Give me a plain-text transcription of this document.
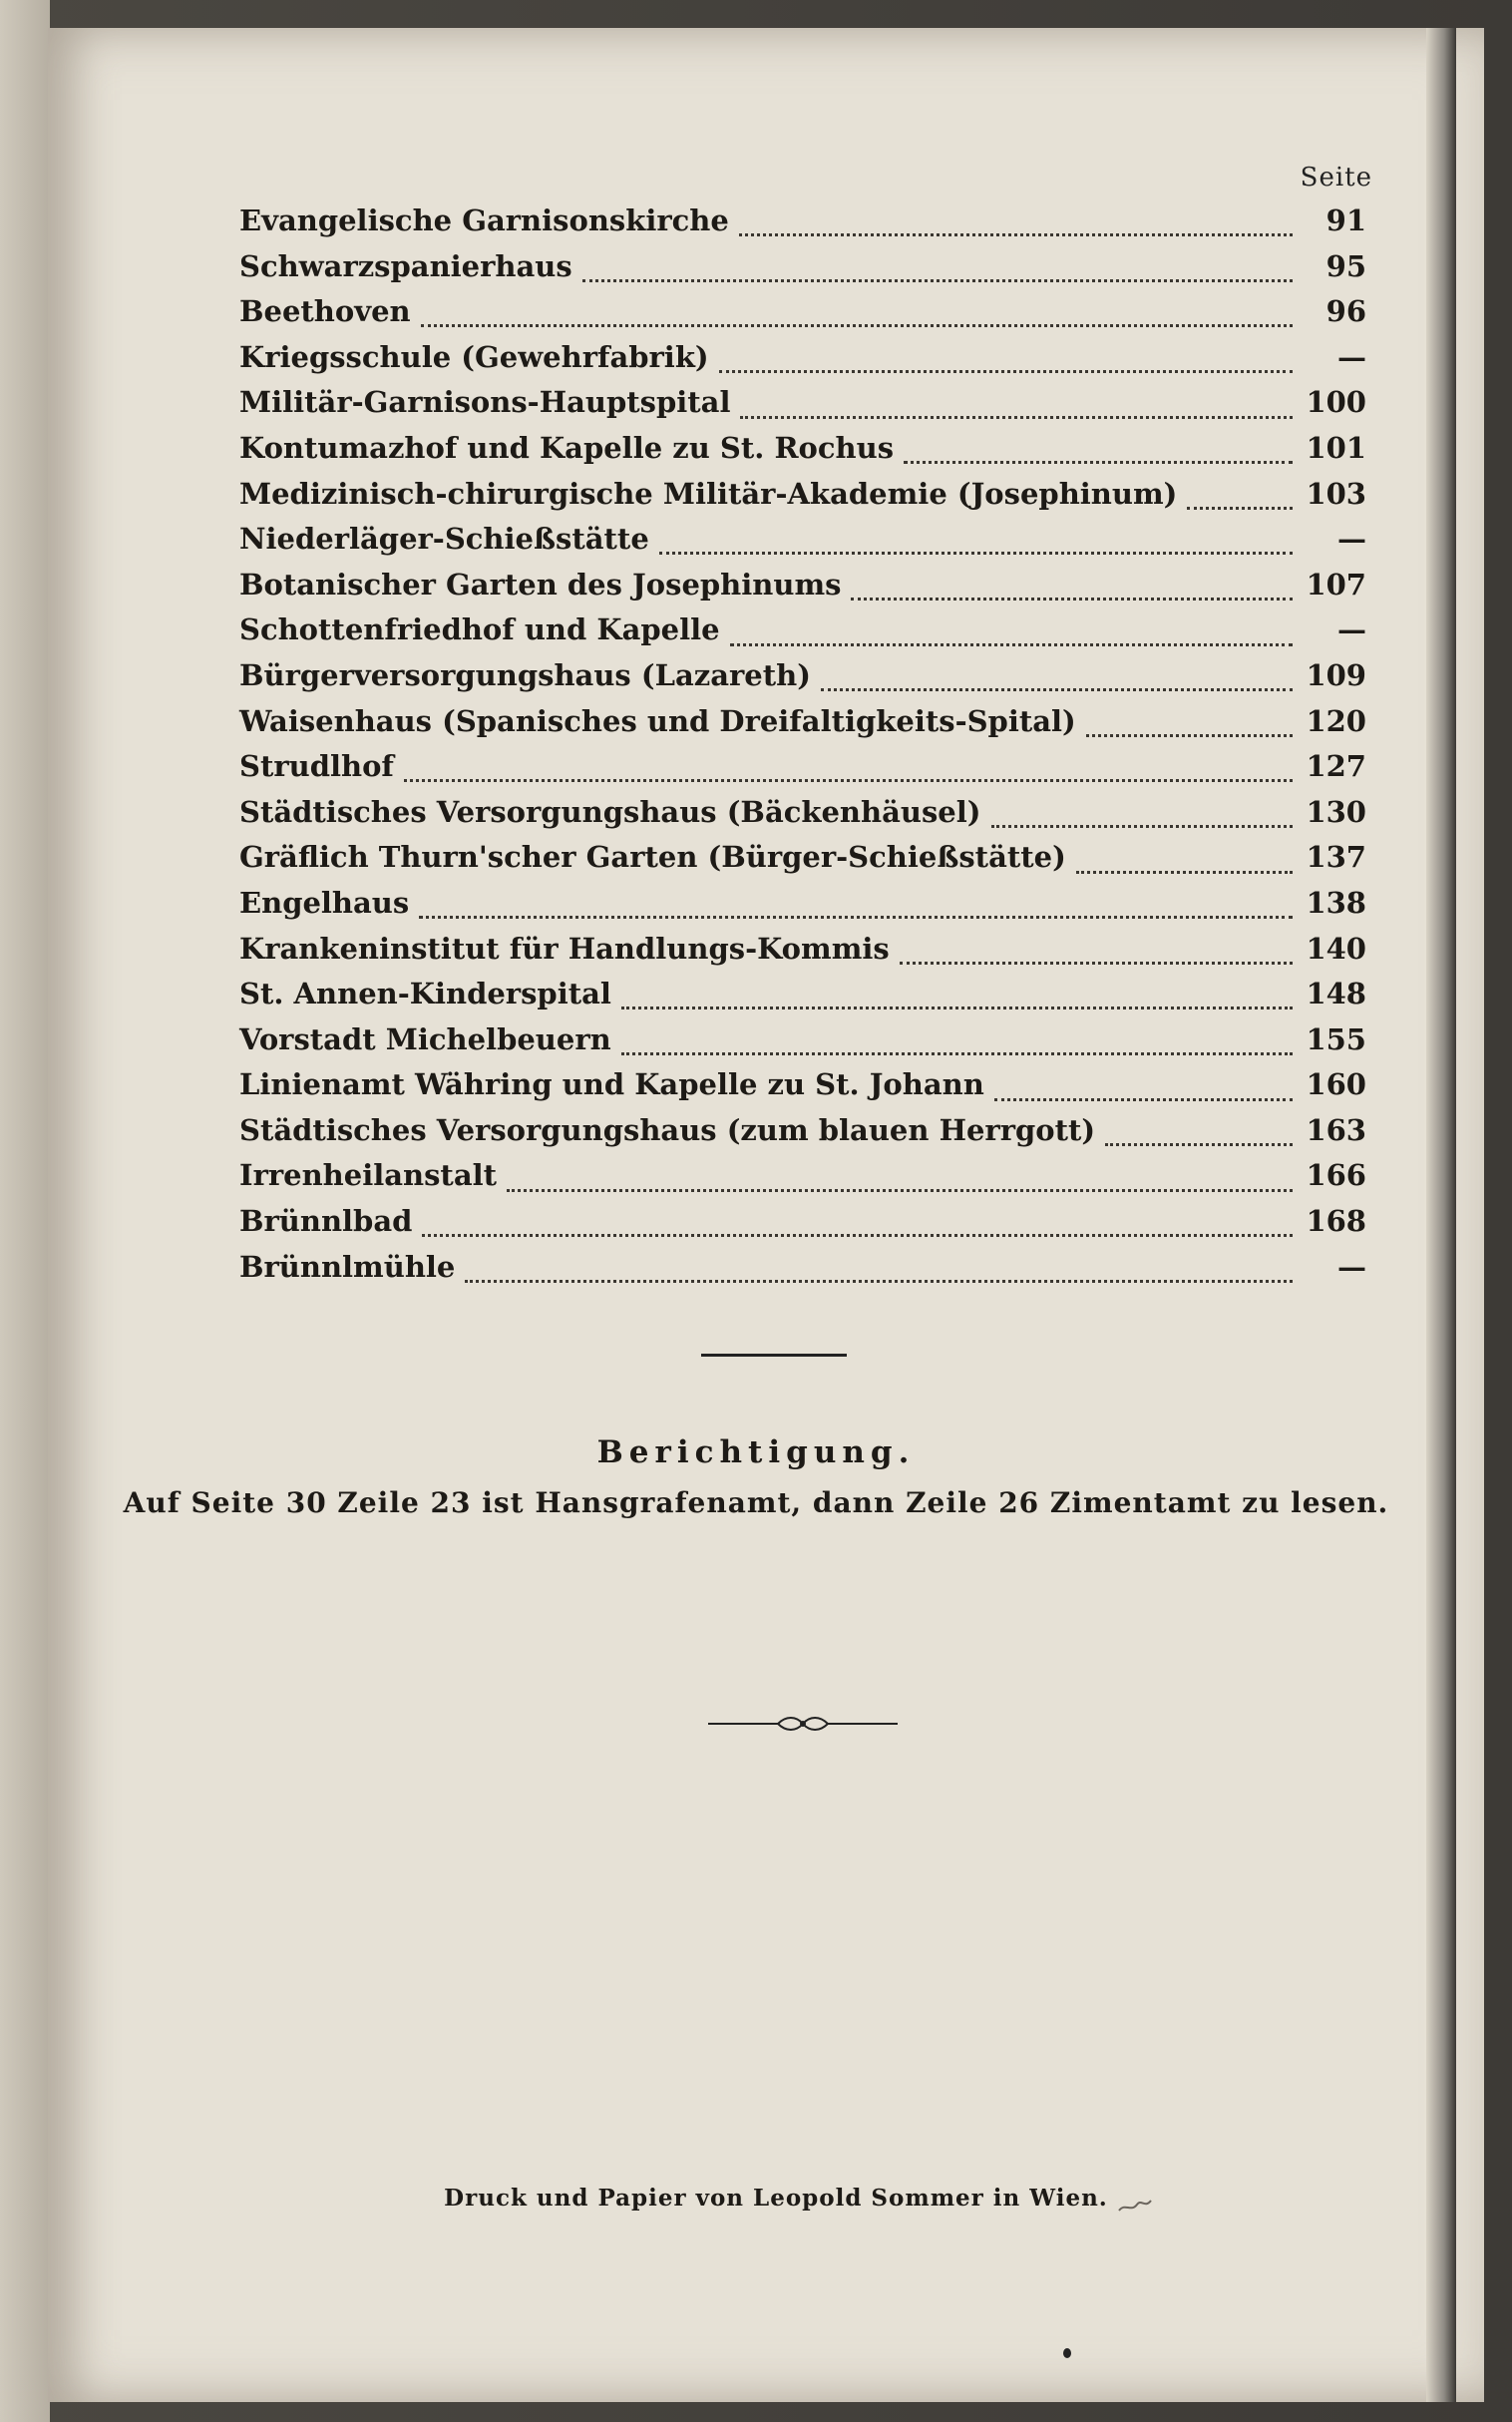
Seite
Evangelische Garnisonskirche	91
Schwarzspanierhaus	95
Beethoven	96
Kriegsschule (Gewehrfabrik)	—
Militär-Garnisons-Hauptspital	100
Kontumazhof und Kapelle zu St. Rochus	101
Medizinisch-chirurgische Militär-Akademie (Josephinum)	103
Niederläger-Schießstätte	—
Botanischer Garten des Josephinums	107
Schottenfriedhof und Kapelle	—
Bürgerversorgungshaus (Lazareth)	109
Waisenhaus (Spanisches und Dreifaltigkeits-Spital)	120
Strudlhof	127
Städtisches Versorgungshaus (Bäckenhäusel)	130
Gräflich Thurn'scher Garten (Bürger-Schießstätte)	137
Engelhaus	138
Krankeninstitut für Handlungs-Kommis	140
St. Annen-Kinderspital	148
Vorstadt Michelbeuern	155
Linienamt Währing und Kapelle zu St. Johann	160
Städtisches Versorgungshaus (zum blauen Herrgott)	163
Irrenheilanstalt	166
Brünnlbad	168
Brünnlmühle	—
Berichtigung.
Auf Seite 30 Zeile 23 ist Hansgrafenamt, dann Zeile 26 Zimentamt zu lesen.
Druck und Papier von Leopold Sommer in Wien.
